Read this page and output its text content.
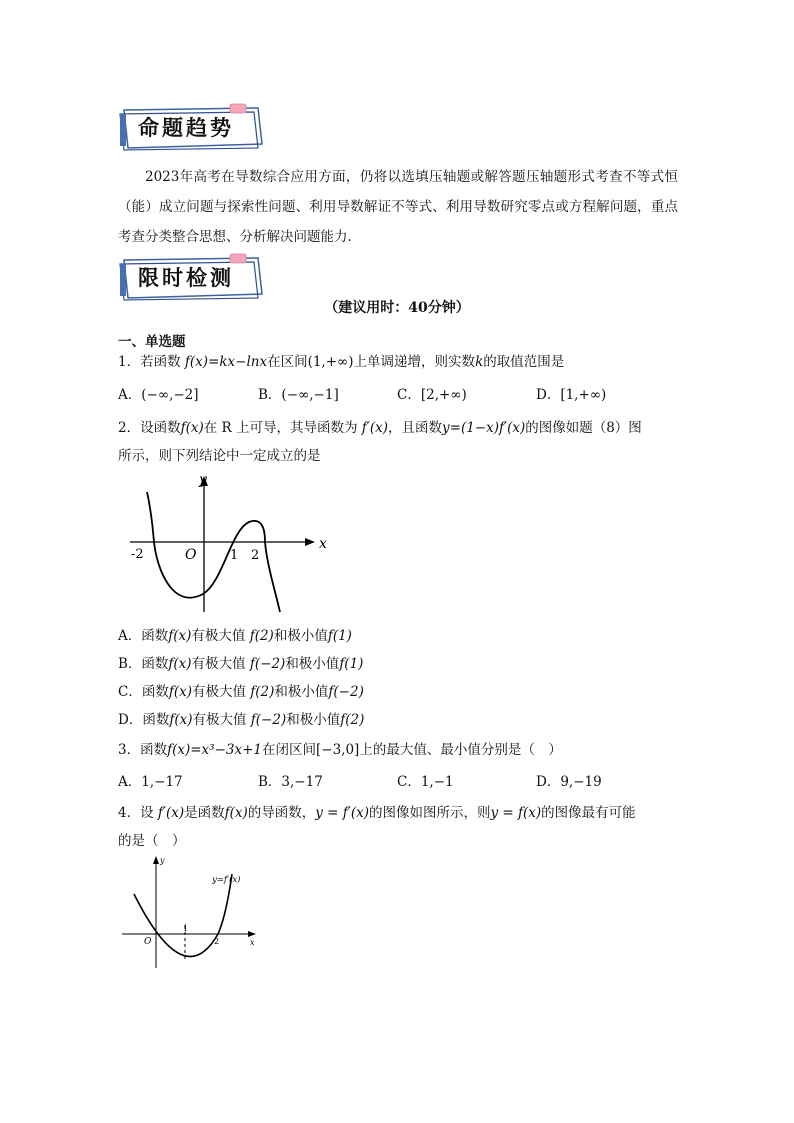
命题趋势
2023年高考在导数综合应用方面，仍将以选填压轴题或解答题压轴题形式考查不等式恒（能）成立问题与探索性问题、利用导数解证不等式、利用导数研究零点或方程解问题，重点考查分类整合思想、分析解决问题能力.
限时检测
（建议用时：40分钟）
一、单选题
1．若函数 f(x)=kx−lnx在区间(1,+∞)上单调递增，则实数k的取值范围是
A．(−∞,−2]	B．(−∞,−1]	C．[2,+∞)	D．[1,+∞)
2．设函数f(x)在 R 上可导，其导函数为 f′(x)，且函数y=(1−x)f′(x)的图像如题（8）图
所示，则下列结论中一定成立的是
x
y
O
-2	1 2
A．函数f(x)有极大值 f(2)和极小值f(1)
B．函数f(x)有极大值 f(−2)和极小值f(1)
C．函数f(x)有极大值 f(2)和极小值f(−2)
D．函数f(x)有极大值 f(−2)和极小值f(2)
3．函数f(x)=x³−3x+1在闭区间[−3,0]上的最大值、最小值分别是（　）
A．1,−17	B．3,−17	C．1,−1	D．9,−19
4．设 f′(x)是函数f(x)的导函数，y = f′(x)的图像如图所示，则y = f(x)的图像最有可能
的是（　）
y=f′(x)
y
x
O
1
2
